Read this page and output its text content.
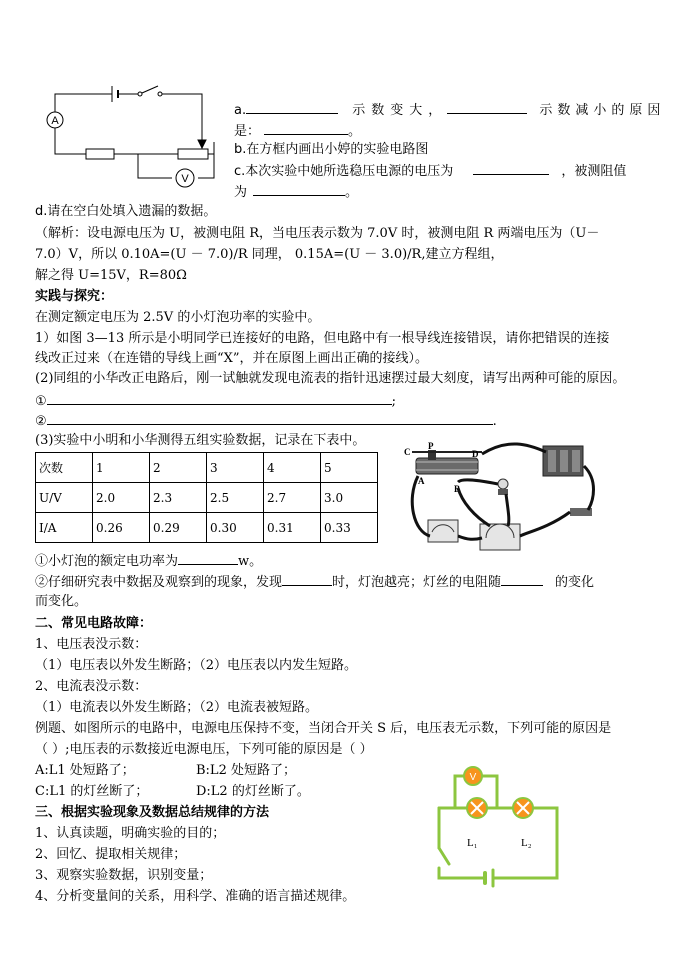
A
V
a.	示数变大，	示数减小的原因
是：	。
b.在方框内画出小婷的实验电路图
c.本次实验中她所选稳压电源的电压为	，被测阻值
为	。
d.请在空白处填入遗漏的数据。
（解析：设电源电压为 U，被测电阻 R，当电压表示数为 7.0V 时，被测电阻 R 两端电压为（U－
7.0）V，所以 0.10A=(U － 7.0)/R 同理， 0.15A=(U － 3.0)/R,建立方程组，
解之得 U=15V，R=80Ω
实践与探究：
在测定额定电压为 2.5V 的小灯泡功率的实验中。
1）如图 3—13 所示是小明同学已连接好的电路，但电路中有一根导线连接错误，请你把错误的连接
线改正过来（在连错的导线上画“X”，并在原图上画出正确的接线）。
(2)同组的小华改正电路后，刚一试触就发现电流表的指针迅速摆过最大刻度，请写出两种可能的原因。
①	;
②	.
(3)实验中小明和小华测得五组实验数据，记录在下表中。
次数	1	2	3	4	5
U/V	2.0	2.3	2.5	2.7	3.0
I/A	0.26	0.29	0.30	0.31	0.33
C
P
D
A
B
①小灯泡的额定电功率为	w。
②仔细研究表中数据及观察到的现象，发现	时，灯泡越亮；灯丝的电阻随	的变化
而变化。
二、常见电路故障：
1、电压表没示数：
（1）电压表以外发生断路；（2）电压表以内发生短路。
2、电流表没示数：
（1）电流表以外发生断路；（2）电流表被短路。
例题、如图所示的电路中，电源电压保持不变，当闭合开关 S 后，电压表无示数，下列可能的原因是
（ ）;电压表的示数接近电源电压，下列可能的原因是（ ）
A:L1 处短路了；	B:L2 处短路了；
C:L1 的灯丝断了；	D:L2 的灯丝断了。
三、根据实验现象及数据总结规律的方法
1、认真读题，明确实验的目的；
2、回忆、提取相关规律；
3、观察实验数据，识别变量；
4、分析变量间的关系，用科学、准确的语言描述规律。
V
L₁	L₂
